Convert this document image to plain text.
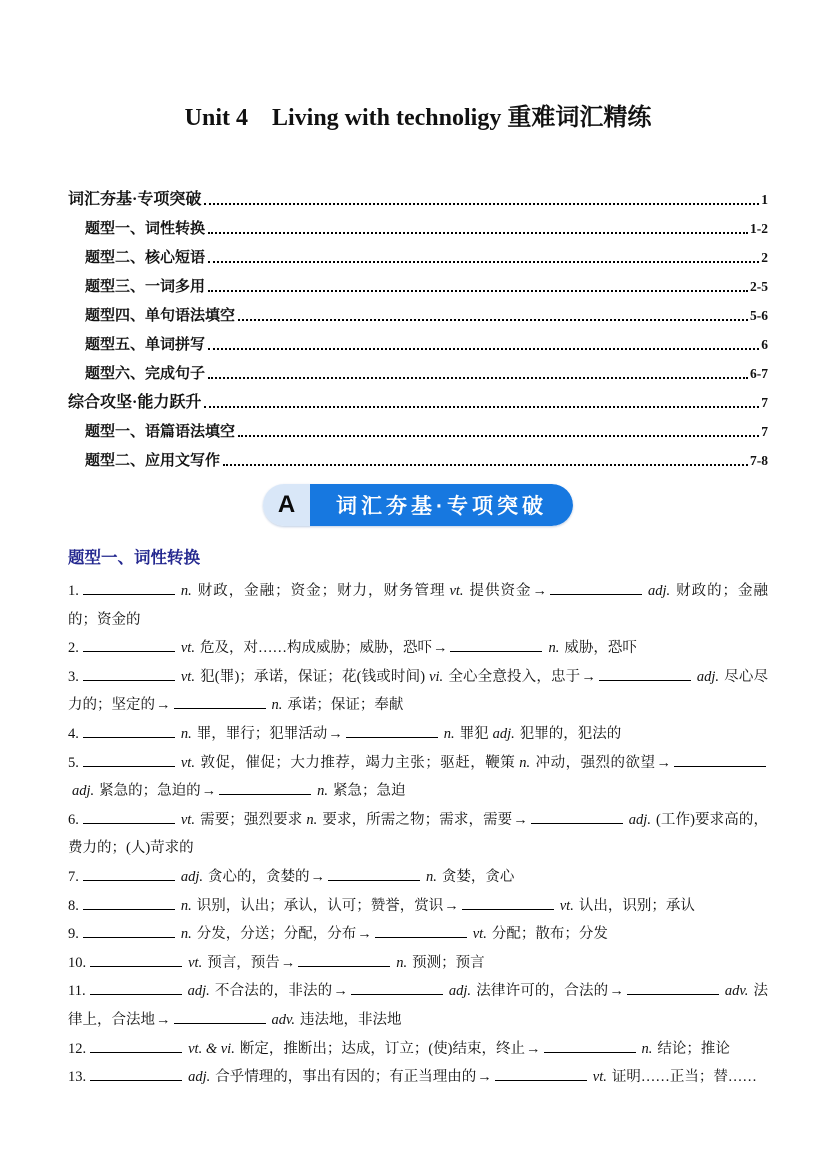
Unit 4　Living with technoligy 重难词汇精练
词汇夯基·专项突破	1
题型一、词性转换	1-2
题型二、核心短语	2
题型三、一词多用	2-5
题型四、单句语法填空	5-6
题型五、单词拼写	6
题型六、完成句子	6-7
综合攻坚·能力跃升	7
题型一、语篇语法填空	7
题型二、应用文写作	7-8
A	词汇夯基·专项突破
题型一、词性转换

1.	n. 财政，金融；资金；财力，财务管理 vt. 提供资金→	adj. 财政的；金融的；资金的

2.	vt. 危及，对……构成威胁；威胁，恐吓→	n. 威胁，恐吓

3.	vt. 犯(罪)；承诺，保证；花(钱或时间) vi. 全心全意投入，忠于→	adj. 尽心尽力的；坚定的→	n. 承诺；保证；奉献

4.	n. 罪，罪行；犯罪活动→	n. 罪犯 adj. 犯罪的，犯法的

5.	vt. 敦促，催促；大力推荐，竭力主张；驱赶，鞭策 n. 冲动，强烈的欲望→adj. 紧急的；急迫的→	n. 紧急；急迫

6.	vt. 需要；强烈要求 n. 要求，所需之物；需求，需要→	adj. (工作)要求高的，费力的；(人)苛求的

7.	adj. 贪心的，贪婪的→	n. 贪婪，贪心

8.	n. 识别，认出；承认，认可；赞誉，赏识→	vt. 认出，识别；承认

9.	n. 分发，分送；分配，分布→	vt. 分配；散布；分发

10.	vt. 预言，预告→	n. 预测；预言

11.	adj. 不合法的，非法的→	adj. 法律许可的，合法的→	adv. 法律上，合法地→	adv. 违法地，非法地

12.	vt. & vi. 断定，推断出；达成，订立；(使)结束，终止→	n. 结论；推论

13.	adj. 合乎情理的，事出有因的；有正当理由的→	vt. 证明……正当；替……
